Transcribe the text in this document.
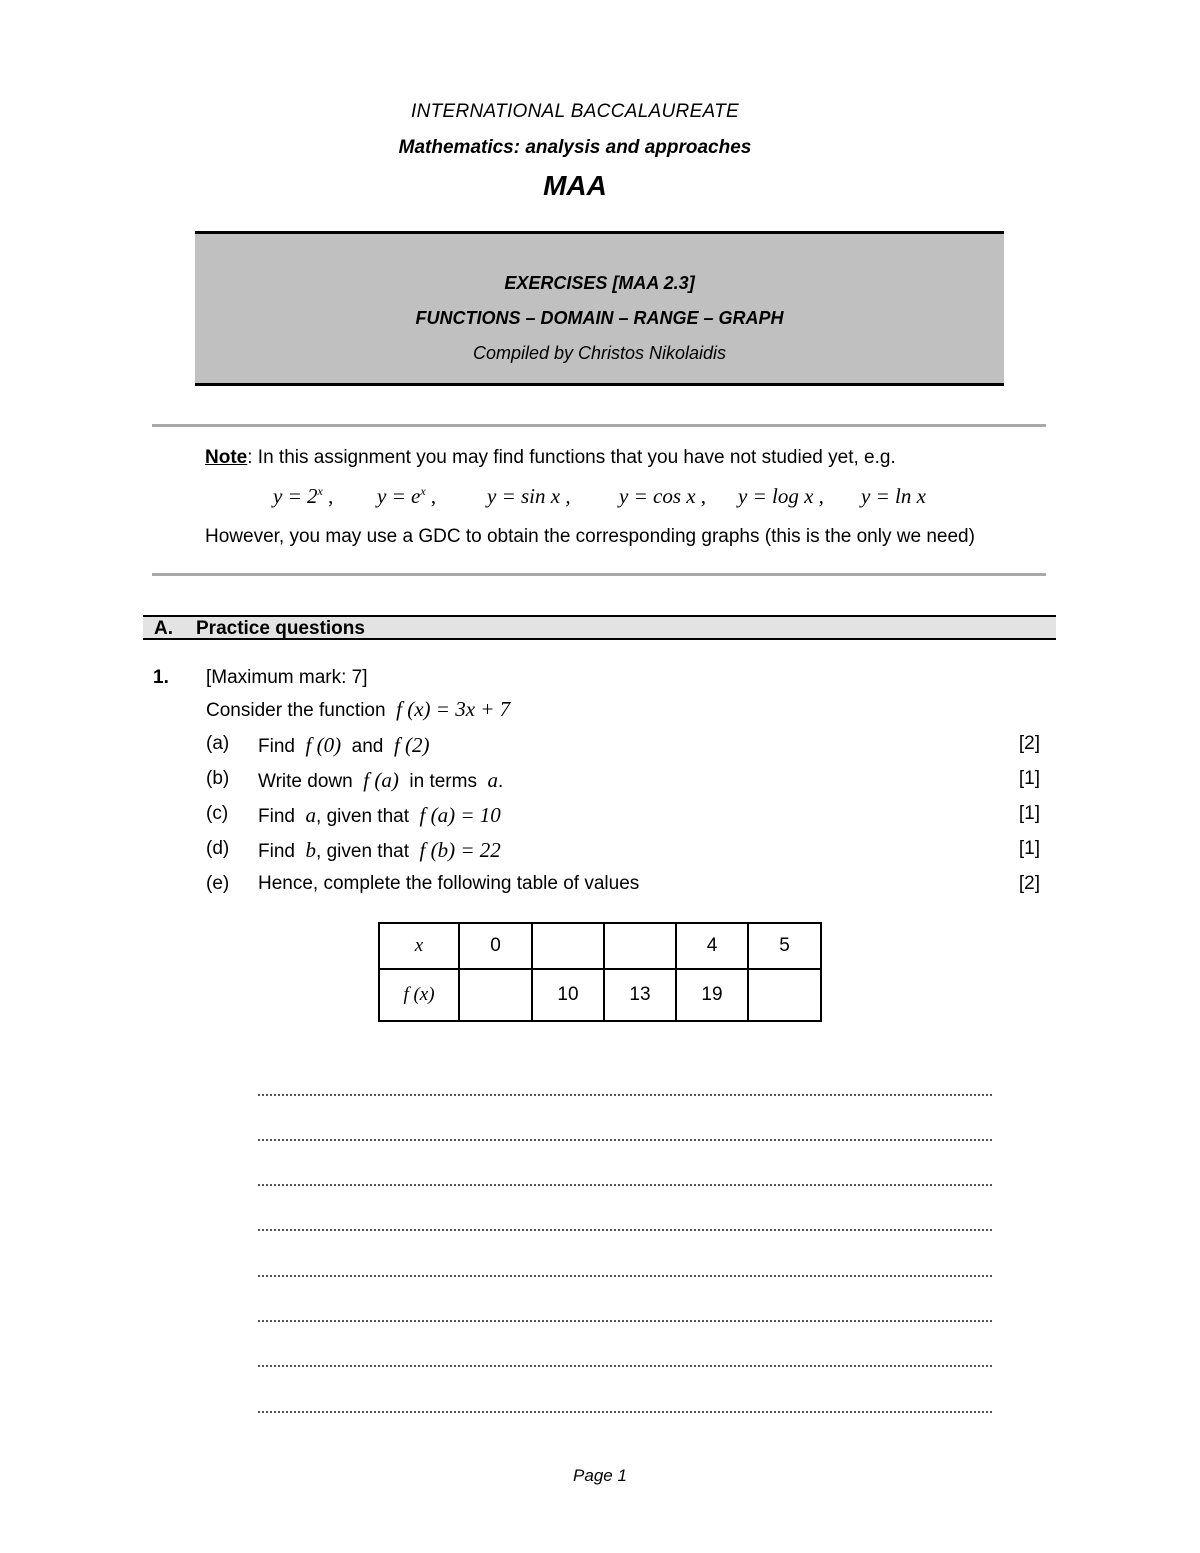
INTERNATIONAL BACCALAUREATE
Mathematics: analysis and approaches
MAA
EXERCISES [MAA 2.3]
FUNCTIONS – DOMAIN – RANGE – GRAPH
Compiled by Christos Nikolaidis
Note: In this assignment you may find functions that you have not studied yet, e.g.
$y = 2^x$ , $y = e^x$ , y = sin x , y = cos x , y = log x , y = ln x
However, you may use a GDC to obtain the corresponding graphs (this is the only we need)
A. Practice questions
1. [Maximum mark: 7]
Consider the function f (x) = 3x + 7
(a) Find f (0) and f (2)	[2]
(b) Write down f (a) in terms a.	[1]
(c) Find a, given that f (a) = 10	[1]
(d) Find b, given that f (b) = 22	[1]
(e) Hence, complete the following table of values	[2]
x	0			4	5
f (x)		10	13	19	
Page 1
